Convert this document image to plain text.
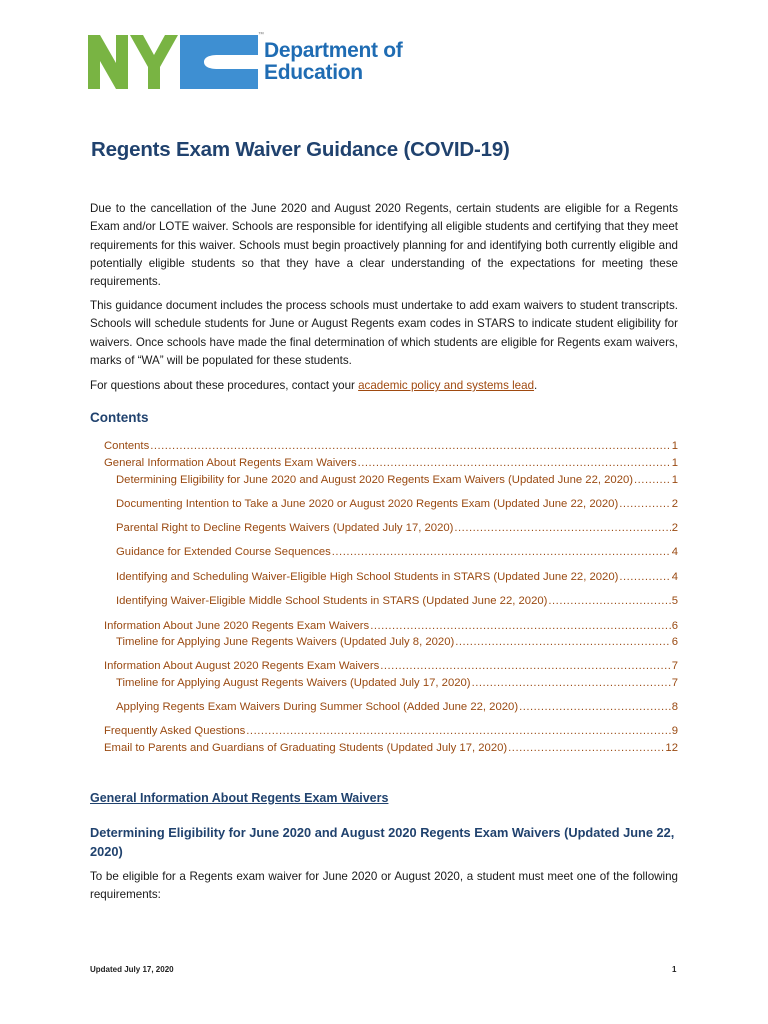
™
Department of
Education
Regents Exam Waiver Guidance (COVID-19)

Due to the cancellation of the June 2020 and August 2020 Regents, certain students are eligible for a Regents Exam and/or LOTE waiver. Schools are responsible for identifying all eligible students and certifying that they meet requirements for this waiver. Schools must begin proactively planning for and identifying both currently eligible and potentially eligible students so that they have a clear understanding of the expectations for meeting these requirements.

This guidance document includes the process schools must undertake to add exam waivers to student transcripts. Schools will schedule students for June or August Regents exam codes in STARS to indicate student eligibility for waivers. Once schools have made the final determination of which students are eligible for Regents exam waivers, marks of “WA” will be populated for these students.

For questions about these procedures, contact your academic policy and systems lead.

Contents
Contents .....	1
General Information About Regents Exam Waivers .....	1
Determining Eligibility for June 2020 and August 2020 Regents Exam Waivers (Updated June 22, 2020) .....	1
Documenting Intention to Take a June 2020 or August 2020 Regents Exam (Updated June 22, 2020) .....	2
Parental Right to Decline Regents Waivers (Updated July 17, 2020) .....	2
Guidance for Extended Course Sequences .....	4
Identifying and Scheduling Waiver-Eligible High School Students in STARS (Updated June 22, 2020) .....	4
Identifying Waiver-Eligible Middle School Students in STARS (Updated June 22, 2020) .....	5
Information About June 2020 Regents Exam Waivers .....	6
Timeline for Applying June Regents Waivers (Updated July 8, 2020) .....	6
Information About August 2020 Regents Exam Waivers .....	7
Timeline for Applying August Regents Waivers (Updated July 17, 2020) .....	7
Applying Regents Exam Waivers During Summer School (Added June 22, 2020) .....	8
Frequently Asked Questions .....	9
Email to Parents and Guardians of Graduating Students (Updated July 17, 2020) .....	12
General Information About Regents Exam Waivers
Determining Eligibility for June 2020 and August 2020 Regents Exam Waivers (Updated June 22, 2020)

To be eligible for a Regents exam waiver for June 2020 or August 2020, a student must meet one of the following requirements:

Updated July 17, 2020	1
